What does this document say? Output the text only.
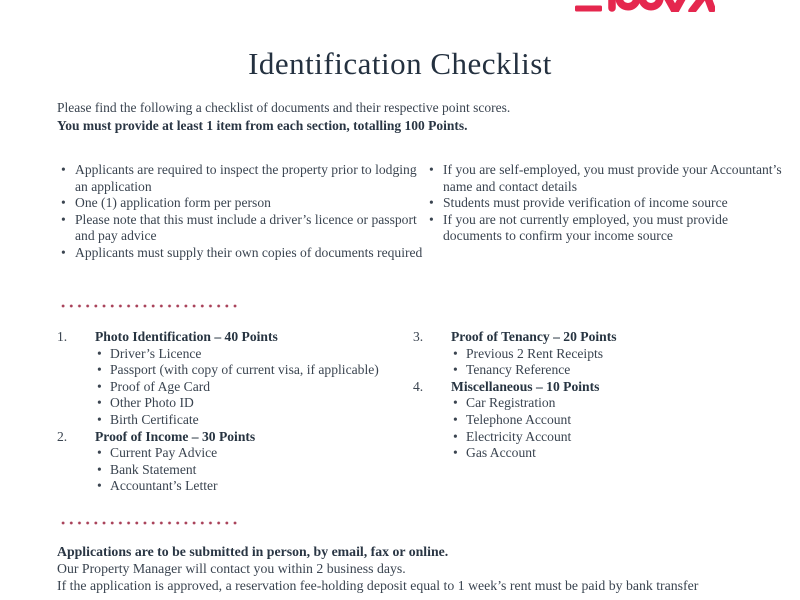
Identification Checklist

Please find the following a checklist of documents and their respective point scores.

You must provide at least 1 item from each section, totalling 100 Points.

• Applicants are required to inspect the property prior to lodging an application
• One (1) application form per person
• Please note that this must include a driver’s licence or passport and pay advice
• Applicants must supply their own copies of documents required
• If you are self-employed, you must provide your Accountant’s name and contact details
• Students must provide verification of income source
• If you are not currently employed, you must provide documents to confirm your income source
1.	Photo Identification – 40 Points
• Driver’s Licence
• Passport (with copy of current visa, if applicable)
• Proof of Age Card
• Other Photo ID
• Birth Certificate
2.	Proof of Income – 30 Points
• Current Pay Advice
• Bank Statement
• Accountant’s Letter
3.	Proof of Tenancy – 20 Points
• Previous 2 Rent Receipts
• Tenancy Reference
4.	Miscellaneous – 10 Points
• Car Registration
• Telephone Account
• Electricity Account
• Gas Account

Applications are to be submitted in person, by email, fax or online.

Our Property Manager will contact you within 2 business days.

If the application is approved, a reservation fee-holding deposit equal to 1 week’s rent must be paid by bank transfer
